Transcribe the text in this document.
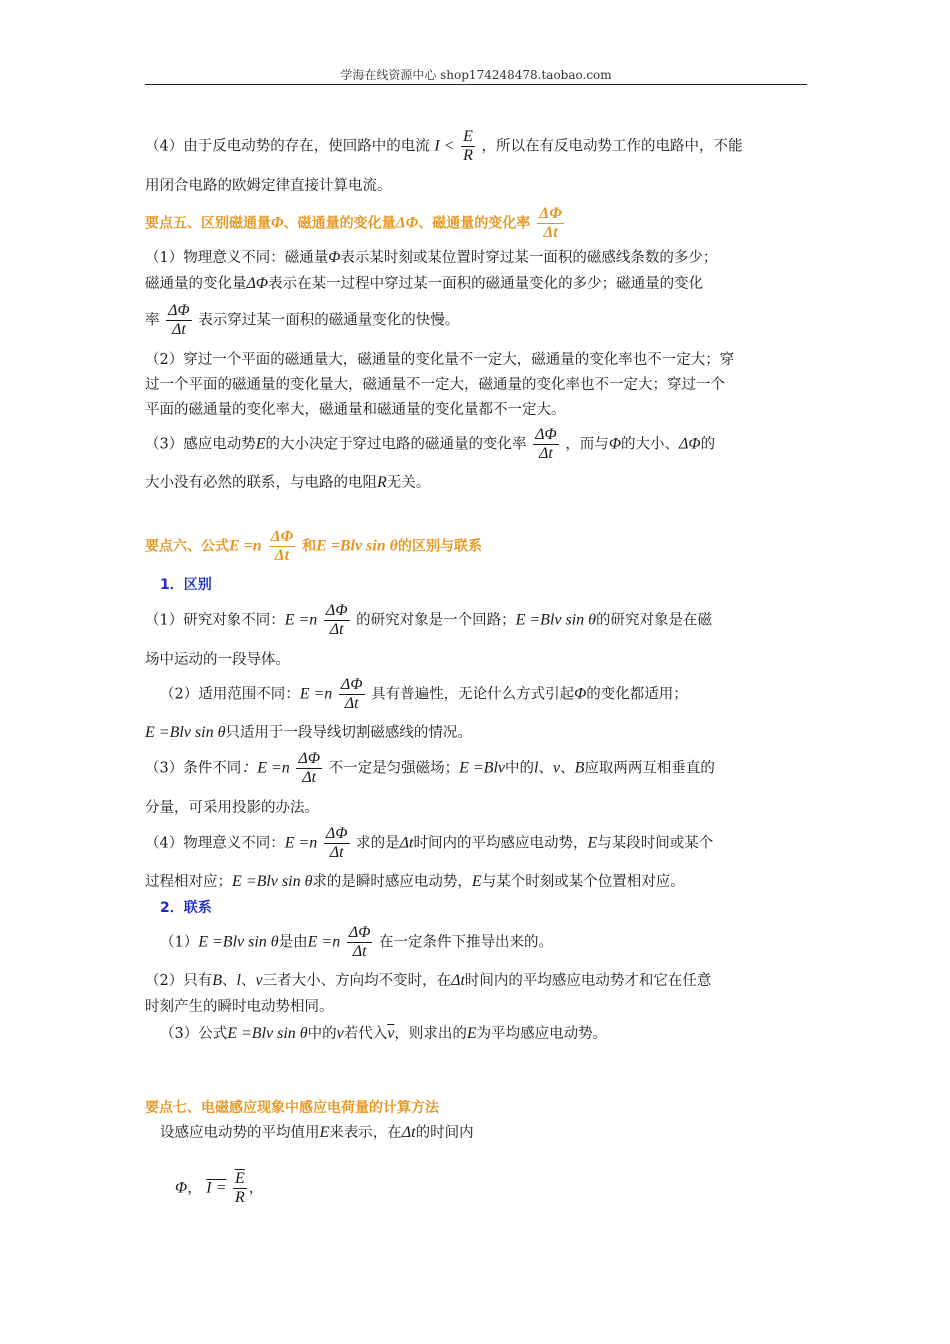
学海在线资源中心 shop174248478.taobao.com
（4）由于反电动势的存在，使回路中的电流 $I < \frac{E}{R}$ ，所以在有反电动势工作的电路中，不能
用闭合电路的欧姆定律直接计算电流。
要点五、区别磁通量Φ、磁通量的变化量ΔΦ、磁通量的变化率 $\frac{\Delta\Phi}{\Delta t}$
（1）物理意义不同：磁通量Φ表示某时刻或某位置时穿过某一面积的磁感线条数的多少；
磁通量的变化量ΔΦ表示在某一过程中穿过某一面积的磁通量变化的多少；磁通量的变化
率 $\frac{\Delta\Phi}{\Delta t}$ 表示穿过某一面积的磁通量变化的快慢。
（2）穿过一个平面的磁通量大，磁通量的变化量不一定大，磁通量的变化率也不一定大；穿
过一个平面的磁通量的变化量大，磁通量不一定大，磁通量的变化率也不一定大；穿过一个
平面的磁通量的变化率大，磁通量和磁通量的变化量都不一定大。
（3）感应电动势E的大小决定于穿过电路的磁通量的变化率 $\frac{\Delta\Phi}{\Delta t}$ ，而与Φ的大小、ΔΦ的
大小没有必然的联系，与电路的电阻R无关。
要点六、公式$E =n \frac{\Delta\Phi}{\Delta t}$ 和E =Blv sin θ的区别与联系
1．区别
（1）研究对象不同：$E =n \frac{\Delta\Phi}{\Delta t}$ 的研究对象是一个回路；E =Blv sin θ的研究对象是在磁
场中运动的一段导体。
（2）适用范围不同：$E =n \frac{\Delta\Phi}{\Delta t}$ 具有普遍性，无论什么方式引起Φ的变化都适用；
E =Blv sin θ只适用于一段导线切割磁感线的情况。
（3）条件不同：$E =n \frac{\Delta\Phi}{\Delta t}$ 不一定是匀强磁场；E =Blv中的l、v、B应取两两互相垂直的
分量，可采用投影的办法。
（4）物理意义不同：$E =n \frac{\Delta\Phi}{\Delta t}$ 求的是Δt时间内的平均感应电动势，E与某段时间或某个
过程相对应；E =Blv sin θ求的是瞬时感应电动势，E与某个时刻或某个位置相对应。
2．联系
（1）E =Blv sin θ是由$E =n \frac{\Delta\Phi}{\Delta t}$ 在一定条件下推导出来的。
（2）只有B、l、v三者大小、方向均不变时，在Δt时间内的平均感应电动势才和它在任意
时刻产生的瞬时电动势相同。
（3）公式E =Blv sin θ中的v若代入$\overline{v}$，则求出的E为平均感应电动势。
要点七、电磁感应现象中感应电荷量的计算方法
设感应电动势的平均值用E来表示，在Δt的时间内
Φ， $I = \frac{\overline{E}}{R}$ ，
